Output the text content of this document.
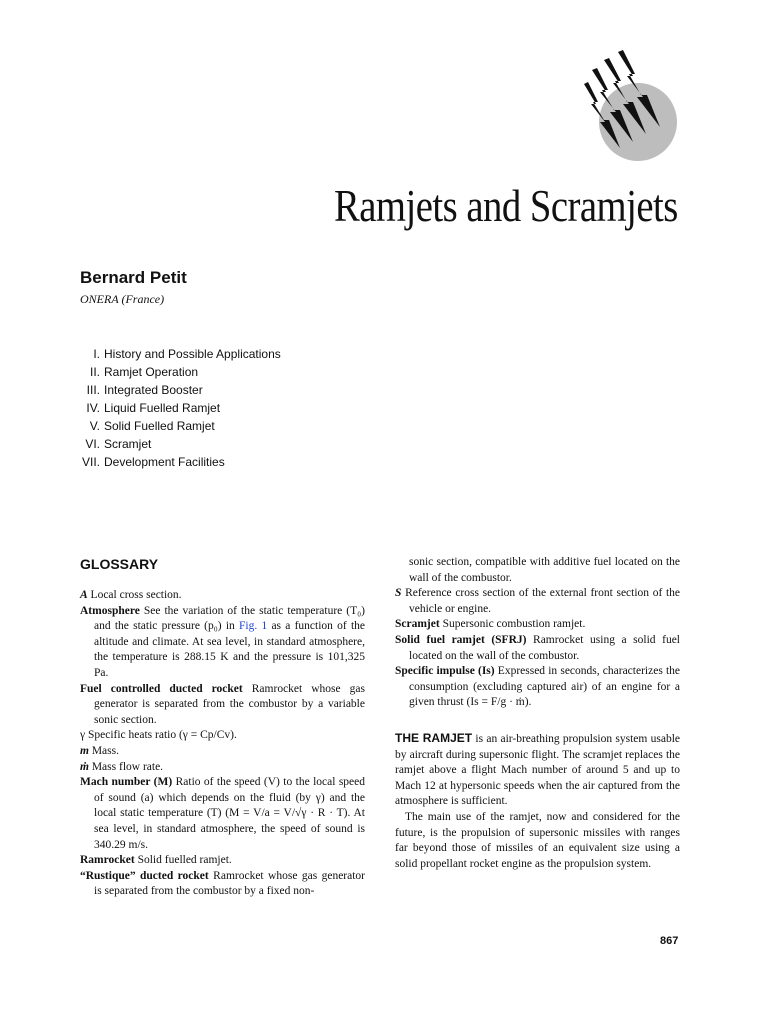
Ramjets and Scramjets
Bernard Petit
ONERA (France)
I. History and Possible Applications
II. Ramjet Operation
III. Integrated Booster
IV. Liquid Fuelled Ramjet
V. Solid Fuelled Ramjet
VI. Scramjet
VII. Development Facilities
GLOSSARY

A Local cross section.

Atmosphere See the variation of the static temperature (T₀) and the static pressure (p₀) in Fig. 1 as a function of the altitude and climate. At sea level, in standard atmosphere, the temperature is 288.15 K and the pressure is 101,325 Pa.

Fuel controlled ducted rocket Ramrocket whose gas generator is separated from the combustor by a variable sonic section.

γ Specific heats ratio (γ = Cp/Cv).

m Mass.

ṁ Mass flow rate.

Mach number (M) Ratio of the speed (V) to the local speed of sound (a) which depends on the fluid (by γ) and the local static temperature (T) (M = V/a = V/√γ · R · T). At sea level, in standard atmosphere, the speed of sound is 340.29 m/s.

Ramrocket Solid fuelled ramjet.

“Rustique” ducted rocket Ramrocket whose gas generator is separated from the combustor by a fixed non-

sonic section, compatible with additive fuel located on the wall of the combustor.

S Reference cross section of the external front section of the vehicle or engine.

Scramjet Supersonic combustion ramjet.

Solid fuel ramjet (SFRJ) Ramrocket using a solid fuel located on the wall of the combustor.

Specific impulse (Is) Expressed in seconds, characterizes the consumption (excluding captured air) of an engine for a given thrust (Is = F/g · ṁ).

THE RAMJET is an air-breathing propulsion system usable by aircraft during supersonic flight. The scramjet replaces the ramjet above a flight Mach number of around 5 and up to Mach 12 at hypersonic speeds when the air captured from the atmosphere is sufficient.

The main use of the ramjet, now and considered for the future, is the propulsion of supersonic missiles with ranges far beyond those of missiles of an equivalent size using a solid propellant rocket engine as the propulsion system.

867
